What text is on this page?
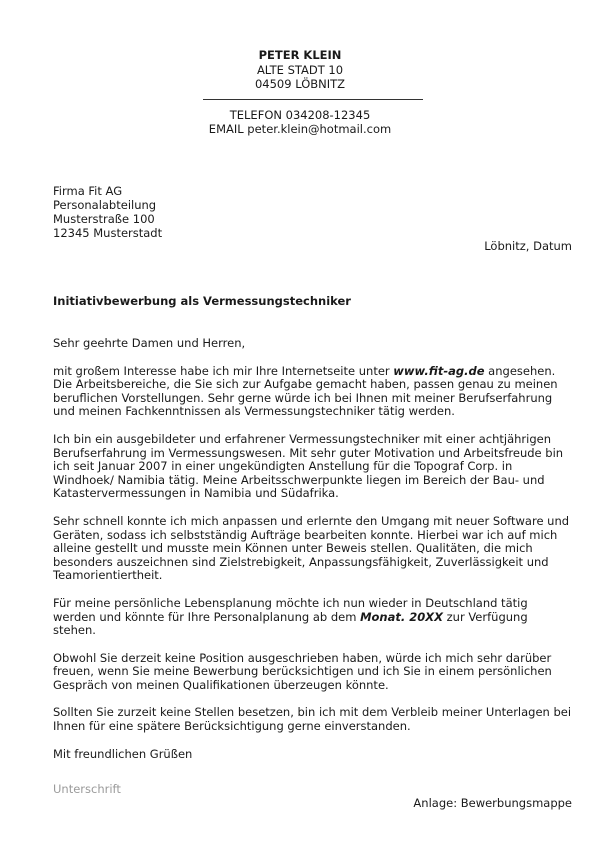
PETER KLEIN
ALTE STADT 10
04509 LÖBNITZ
TELEFON 034208-12345
EMAIL peter.klein@hotmail.com
Firma Fit AG
Personalabteilung
Musterstraße 100
12345 Musterstadt
Löbnitz, Datum
Initiativbewerbung als Vermessungstechniker

Sehr geehrte Damen und Herren,

mit großem Interesse habe ich mir Ihre Internetseite unter www.fit-ag.de angesehen. Die Arbeitsbereiche, die Sie sich zur Aufgabe gemacht haben, passen genau zu meinen beruflichen Vorstellungen. Sehr gerne würde ich bei Ihnen mit meiner Berufserfahrung und meinen Fachkenntnissen als Vermessungstechniker tätig werden.

Ich bin ein ausgebildeter und erfahrener Vermessungstechniker mit einer achtjährigen Berufserfahrung im Vermessungswesen. Mit sehr guter Motivation und Arbeitsfreude bin ich seit Januar 2007 in einer ungekündigten Anstellung für die Topograf Corp. in Windhoek/ Namibia tätig. Meine Arbeitsschwerpunkte liegen im Bereich der Bau- und Katastervermessungen in Namibia und Südafrika.

Sehr schnell konnte ich mich anpassen und erlernte den Umgang mit neuer Software und Geräten, sodass ich selbstständig Aufträge bearbeiten konnte. Hierbei war ich auf mich alleine gestellt und musste mein Können unter Beweis stellen. Qualitäten, die mich besonders auszeichnen sind Zielstrebigkeit, Anpassungsfähigkeit, Zuverlässigkeit und Teamorientiertheit.

Für meine persönliche Lebensplanung möchte ich nun wieder in Deutschland tätig werden und könnte für Ihre Personalplanung ab dem Monat. 20XX zur Verfügung stehen.

Obwohl Sie derzeit keine Position ausgeschrieben haben, würde ich mich sehr darüber freuen, wenn Sie meine Bewerbung berücksichtigen und ich Sie in einem persönlichen Gespräch von meinen Qualifikationen überzeugen könnte.

Sollten Sie zurzeit keine Stellen besetzen, bin ich mit dem Verbleib meiner Unterlagen bei Ihnen für eine spätere Berücksichtigung gerne einverstanden.

Mit freundlichen Grüßen

Unterschrift
Anlage: Bewerbungsmappe
